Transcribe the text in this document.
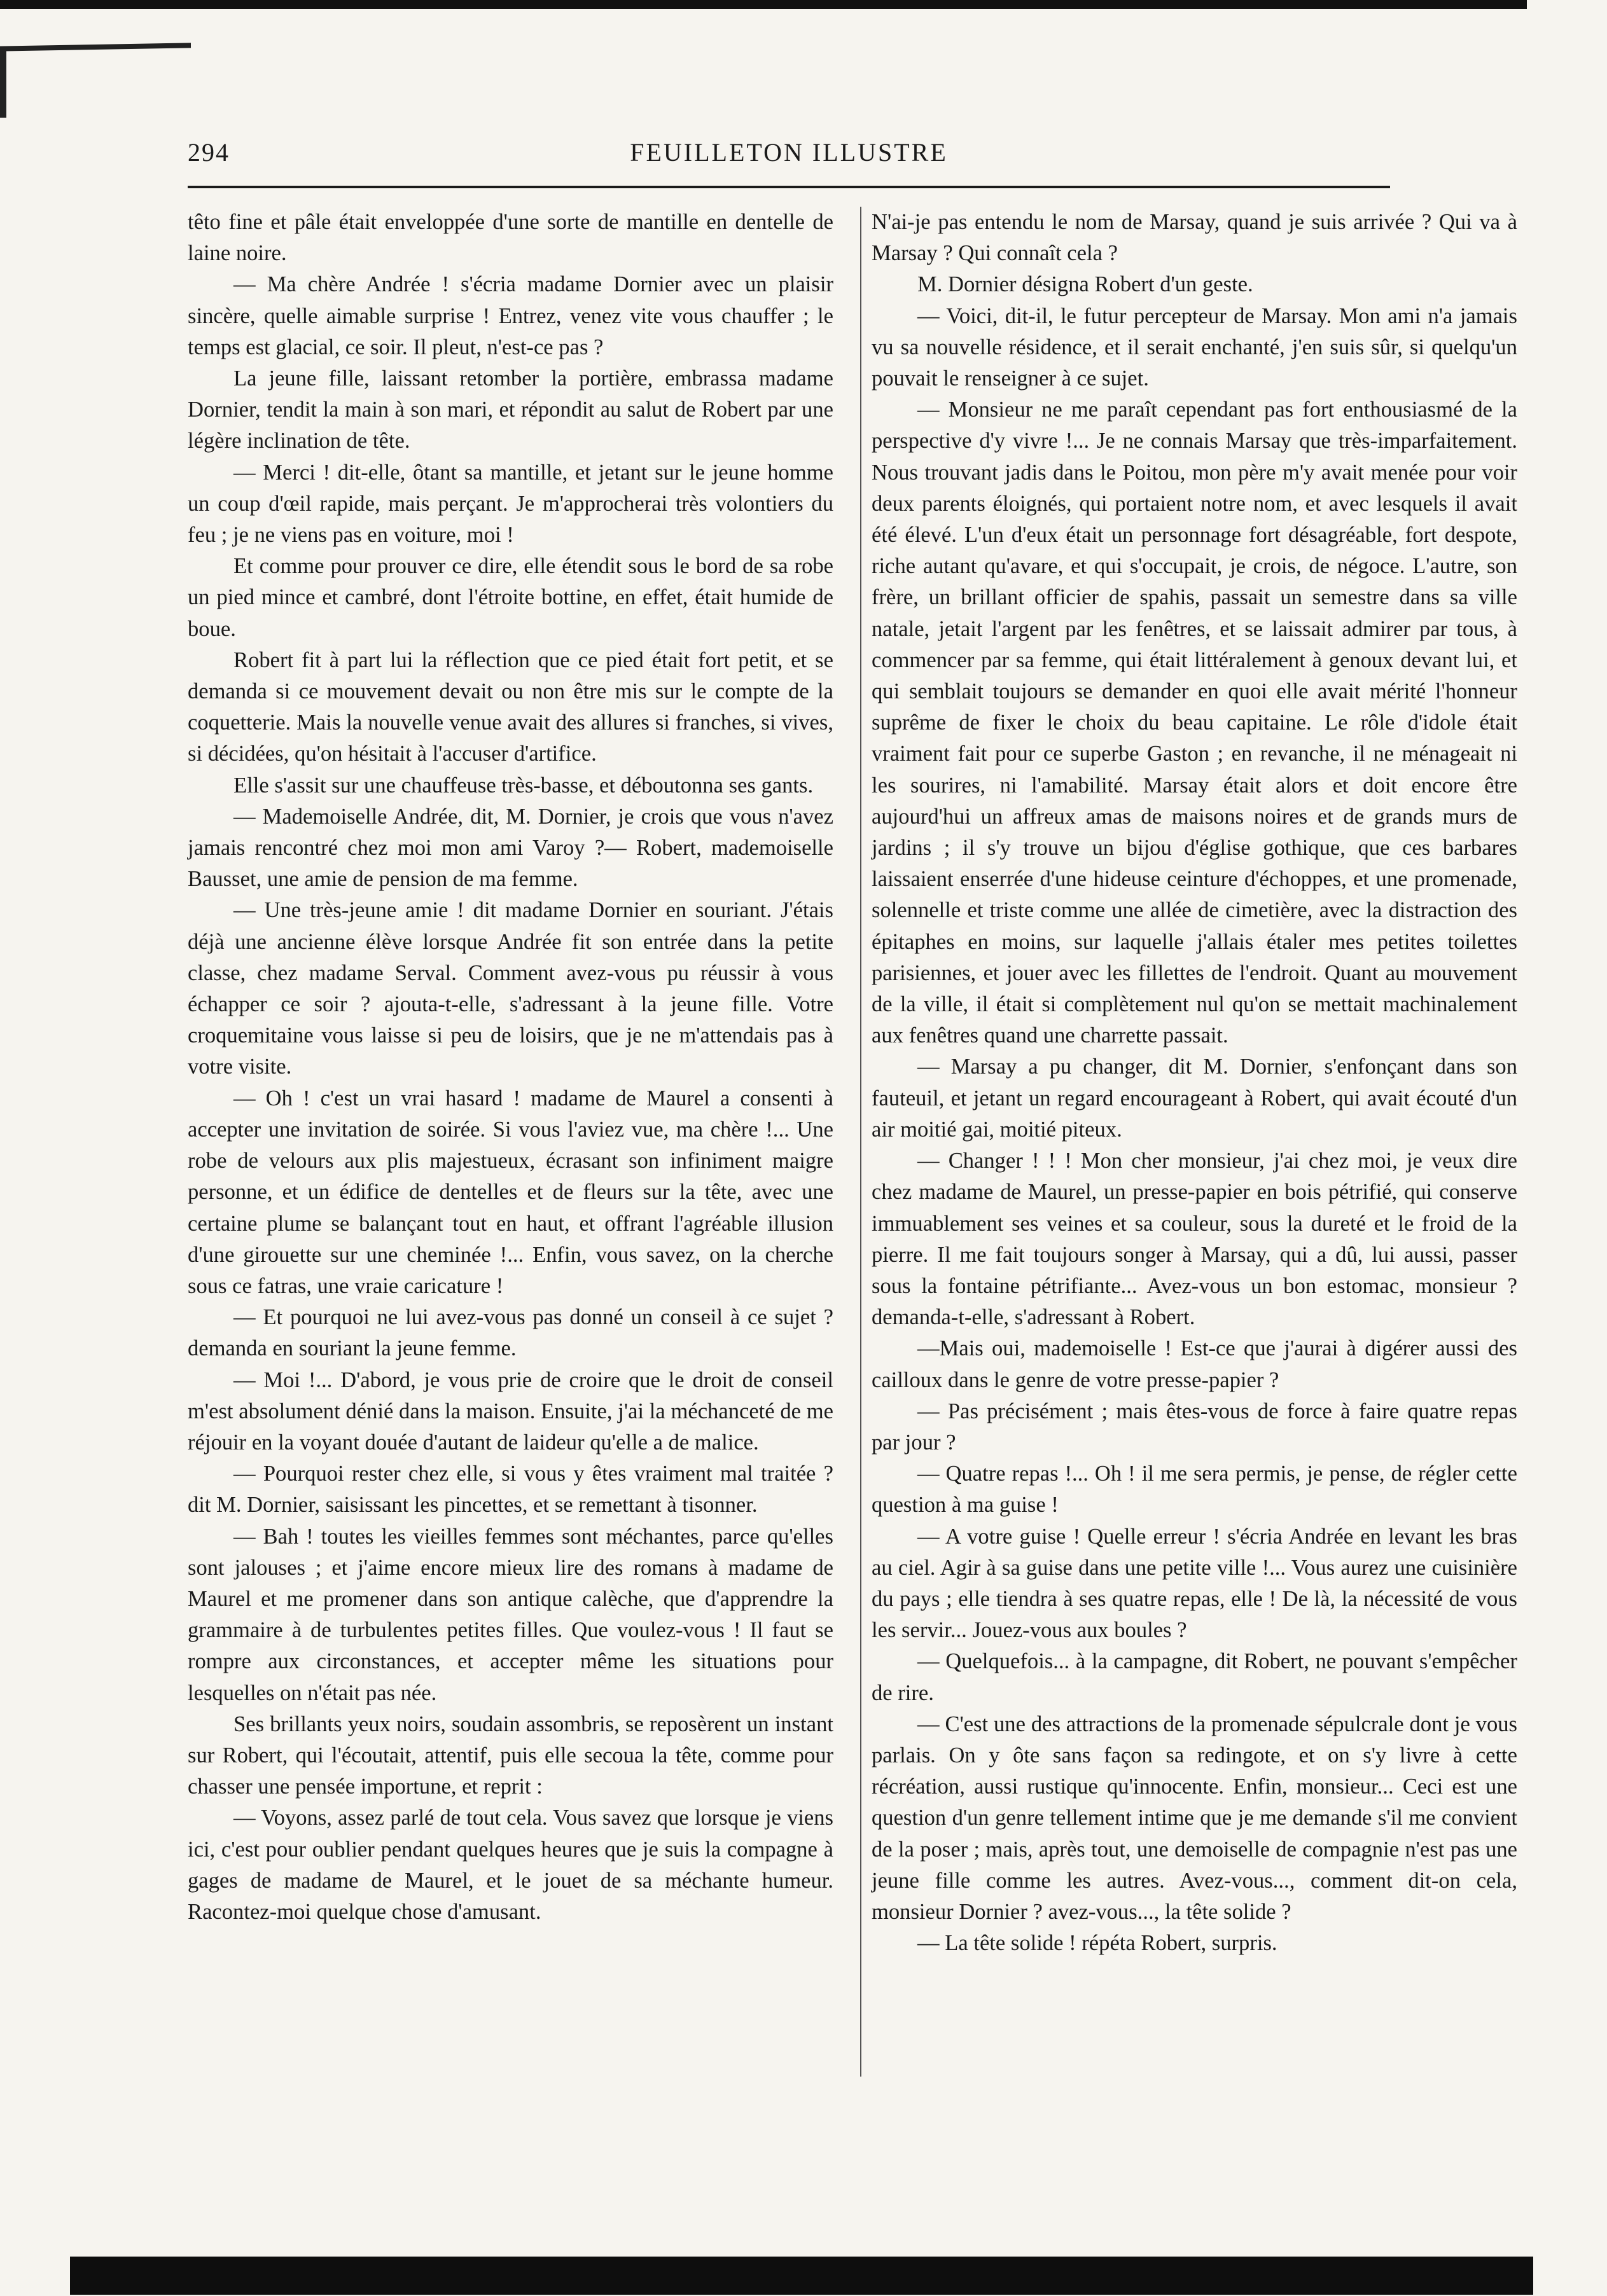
294	FEUILLETON ILLUSTRE

têto fine et pâle était enveloppée d'une sorte de mantille en dentelle de laine noire.

— Ma chère Andrée ! s'écria madame Dornier avec un plaisir sincère, quelle aimable surprise ! Entrez, venez vite vous chauffer ; le temps est glacial, ce soir. Il pleut, n'est-ce pas ?

La jeune fille, laissant retomber la portière, embrassa madame Dornier, tendit la main à son mari, et répondit au salut de Robert par une légère inclination de tête.

— Merci ! dit-elle, ôtant sa mantille, et jetant sur le jeune homme un coup d'œil rapide, mais perçant. Je m'approcherai très volontiers du feu ; je ne viens pas en voiture, moi !

Et comme pour prouver ce dire, elle étendit sous le bord de sa robe un pied mince et cambré, dont l'étroite bottine, en effet, était humide de boue.

Robert fit à part lui la réflection que ce pied était fort petit, et se demanda si ce mouvement devait ou non être mis sur le compte de la coquetterie. Mais la nouvelle venue avait des allures si franches, si vives, si décidées, qu'on hésitait à l'accuser d'artifice.

Elle s'assit sur une chauffeuse très-basse, et déboutonna ses gants.

— Mademoiselle Andrée, dit, M. Dornier, je crois que vous n'avez jamais rencontré chez moi mon ami Varoy ?— Robert, mademoiselle Bausset, une amie de pension de ma femme.

— Une très-jeune amie ! dit madame Dornier en souriant. J'étais déjà une ancienne élève lorsque Andrée fit son entrée dans la petite classe, chez madame Serval. Comment avez-vous pu réussir à vous échapper ce soir ? ajouta-t-elle, s'adressant à la jeune fille. Votre croquemitaine vous laisse si peu de loisirs, que je ne m'attendais pas à votre visite.

— Oh ! c'est un vrai hasard ! madame de Maurel a consenti à accepter une invitation de soirée. Si vous l'aviez vue, ma chère !... Une robe de velours aux plis majestueux, écrasant son infiniment maigre personne, et un édifice de dentelles et de fleurs sur la tête, avec une certaine plume se balançant tout en haut, et offrant l'agréable illusion d'une girouette sur une cheminée !... Enfin, vous savez, on la cherche sous ce fatras, une vraie caricature !

— Et pourquoi ne lui avez-vous pas donné un conseil à ce sujet ? demanda en souriant la jeune femme.

— Moi !... D'abord, je vous prie de croire que le droit de conseil m'est absolument dénié dans la maison. Ensuite, j'ai la méchanceté de me réjouir en la voyant douée d'autant de laideur qu'elle a de malice.

— Pourquoi rester chez elle, si vous y êtes vraiment mal traitée ? dit M. Dornier, saisissant les pincettes, et se remettant à tisonner.

— Bah ! toutes les vieilles femmes sont méchantes, parce qu'elles sont jalouses ; et j'aime encore mieux lire des romans à madame de Maurel et me promener dans son antique calèche, que d'apprendre la grammaire à de turbulentes petites filles. Que voulez-vous ! Il faut se rompre aux circonstances, et accepter même les situations pour lesquelles on n'était pas née.

Ses brillants yeux noirs, soudain assombris, se reposèrent un instant sur Robert, qui l'écoutait, attentif, puis elle secoua la tête, comme pour chasser une pensée importune, et reprit :

— Voyons, assez parlé de tout cela. Vous savez que lorsque je viens ici, c'est pour oublier pendant quelques heures que je suis la compagne à gages de madame de Maurel, et le jouet de sa méchante humeur. Racontez-moi quelque chose d'amusant.

N'ai-je pas entendu le nom de Marsay, quand je suis arrivée ? Qui va à Marsay ? Qui connaît cela ?

M. Dornier désigna Robert d'un geste.

— Voici, dit-il, le futur percepteur de Marsay. Mon ami n'a jamais vu sa nouvelle résidence, et il serait enchanté, j'en suis sûr, si quelqu'un pouvait le renseigner à ce sujet.

— Monsieur ne me paraît cependant pas fort enthousiasmé de la perspective d'y vivre !... Je ne connais Marsay que très-imparfaitement. Nous trouvant jadis dans le Poitou, mon père m'y avait menée pour voir deux parents éloignés, qui portaient notre nom, et avec lesquels il avait été élevé. L'un d'eux était un personnage fort désagréable, fort despote, riche autant qu'avare, et qui s'occupait, je crois, de négoce. L'autre, son frère, un brillant officier de spahis, passait un semestre dans sa ville natale, jetait l'argent par les fenêtres, et se laissait admirer par tous, à commencer par sa femme, qui était littéralement à genoux devant lui, et qui semblait toujours se demander en quoi elle avait mérité l'honneur suprême de fixer le choix du beau capitaine. Le rôle d'idole était vraiment fait pour ce superbe Gaston ; en revanche, il ne ménageait ni les sourires, ni l'amabilité. Marsay était alors et doit encore être aujourd'hui un affreux amas de maisons noires et de grands murs de jardins ; il s'y trouve un bijou d'église gothique, que ces barbares laissaient enserrée d'une hideuse ceinture d'échoppes, et une promenade, solennelle et triste comme une allée de cimetière, avec la distraction des épitaphes en moins, sur laquelle j'allais étaler mes petites toilettes parisiennes, et jouer avec les fillettes de l'endroit. Quant au mouvement de la ville, il était si complètement nul qu'on se mettait machinalement aux fenêtres quand une charrette passait.

— Marsay a pu changer, dit M. Dornier, s'enfonçant dans son fauteuil, et jetant un regard encourageant à Robert, qui avait écouté d'un air moitié gai, moitié piteux.

— Changer ! ! ! Mon cher monsieur, j'ai chez moi, je veux dire chez madame de Maurel, un presse-papier en bois pétrifié, qui conserve immuablement ses veines et sa couleur, sous la dureté et le froid de la pierre. Il me fait toujours songer à Marsay, qui a dû, lui aussi, passer sous la fontaine pétrifiante... Avez-vous un bon estomac, monsieur ? demanda-t-elle, s'adressant à Robert.

—Mais oui, mademoiselle ! Est-ce que j'aurai à digérer aussi des cailloux dans le genre de votre presse-papier ?

— Pas précisément ; mais êtes-vous de force à faire quatre repas par jour ?

— Quatre repas !... Oh ! il me sera permis, je pense, de régler cette question à ma guise !

— A votre guise ! Quelle erreur ! s'écria Andrée en levant les bras au ciel. Agir à sa guise dans une petite ville !... Vous aurez une cuisinière du pays ; elle tiendra à ses quatre repas, elle ! De là, la nécessité de vous les servir... Jouez-vous aux boules ?

— Quelquefois... à la campagne, dit Robert, ne pouvant s'empêcher de rire.

— C'est une des attractions de la promenade sépulcrale dont je vous parlais. On y ôte sans façon sa redingote, et on s'y livre à cette récréation, aussi rustique qu'innocente. Enfin, monsieur... Ceci est une question d'un genre tellement intime que je me demande s'il me convient de la poser ; mais, après tout, une demoiselle de compagnie n'est pas une jeune fille comme les autres. Avez-vous..., comment dit-on cela, monsieur Dornier ? avez-vous..., la tête solide ?

— La tête solide ! répéta Robert, surpris.
